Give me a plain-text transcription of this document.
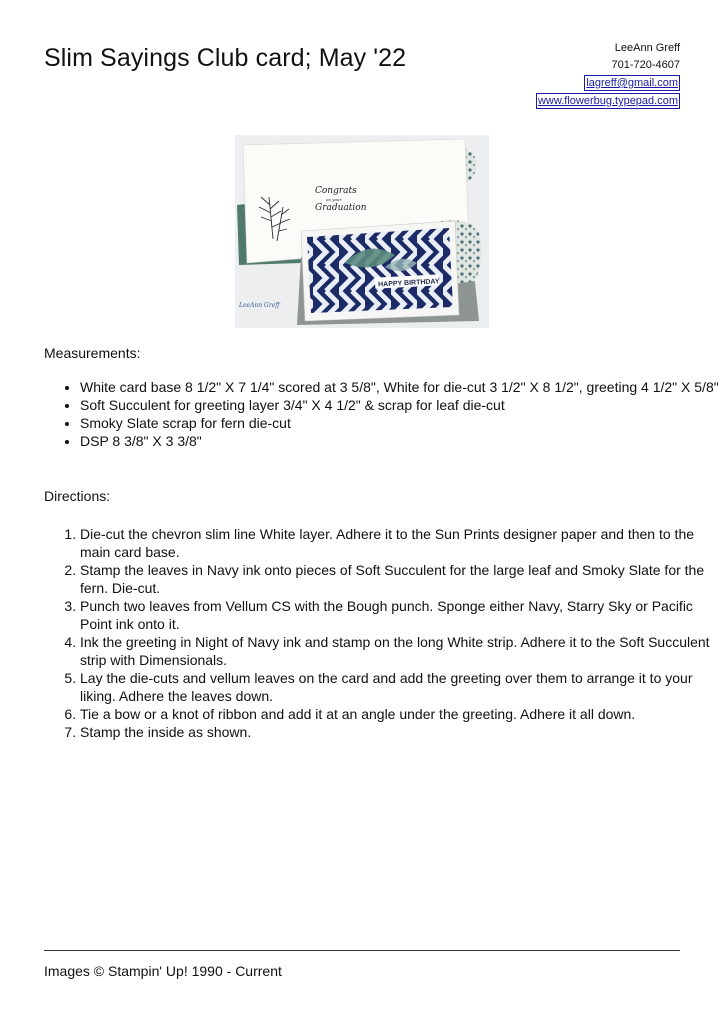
Slim Sayings Club card; May '22	LeeAnn Greff
701-720-4607
lagreff@gmail.com
www.flowerbug.typepad.com
Congrats
on your
Graduation
HAPPY BIRTHDAY
LeeAnn Greff
Measurements:
• White card base 8 1/2" X 7 1/4" scored at 3 5/8", White for die-cut 3 1/2" X 8 1/2", greeting 4 1/2" X 5/8"
• Soft Succulent for greeting layer 3/4" X 4 1/2" & scrap for leaf die-cut
• Smoky Slate scrap for fern die-cut
• DSP 8 3/8" X 3 3/8"
Directions:
1. Die-cut the chevron slim line White layer. Adhere it to the Sun Prints designer paper and then to the main card base.
2. Stamp the leaves in Navy ink onto pieces of Soft Succulent for the large leaf and Smoky Slate for the fern. Die-cut.
3. Punch two leaves from Vellum CS with the Bough punch. Sponge either Navy, Starry Sky or Pacific Point ink onto it.
4. Ink the greeting in Night of Navy ink and stamp on the long White strip. Adhere it to the Soft Succulent strip with Dimensionals.
5. Lay the die-cuts and vellum leaves on the card and add the greeting over them to arrange it to your liking. Adhere the leaves down.
6. Tie a bow or a knot of ribbon and add it at an angle under the greeting. Adhere it all down.
7. Stamp the inside as shown.
Images © Stampin' Up! 1990 - Current
